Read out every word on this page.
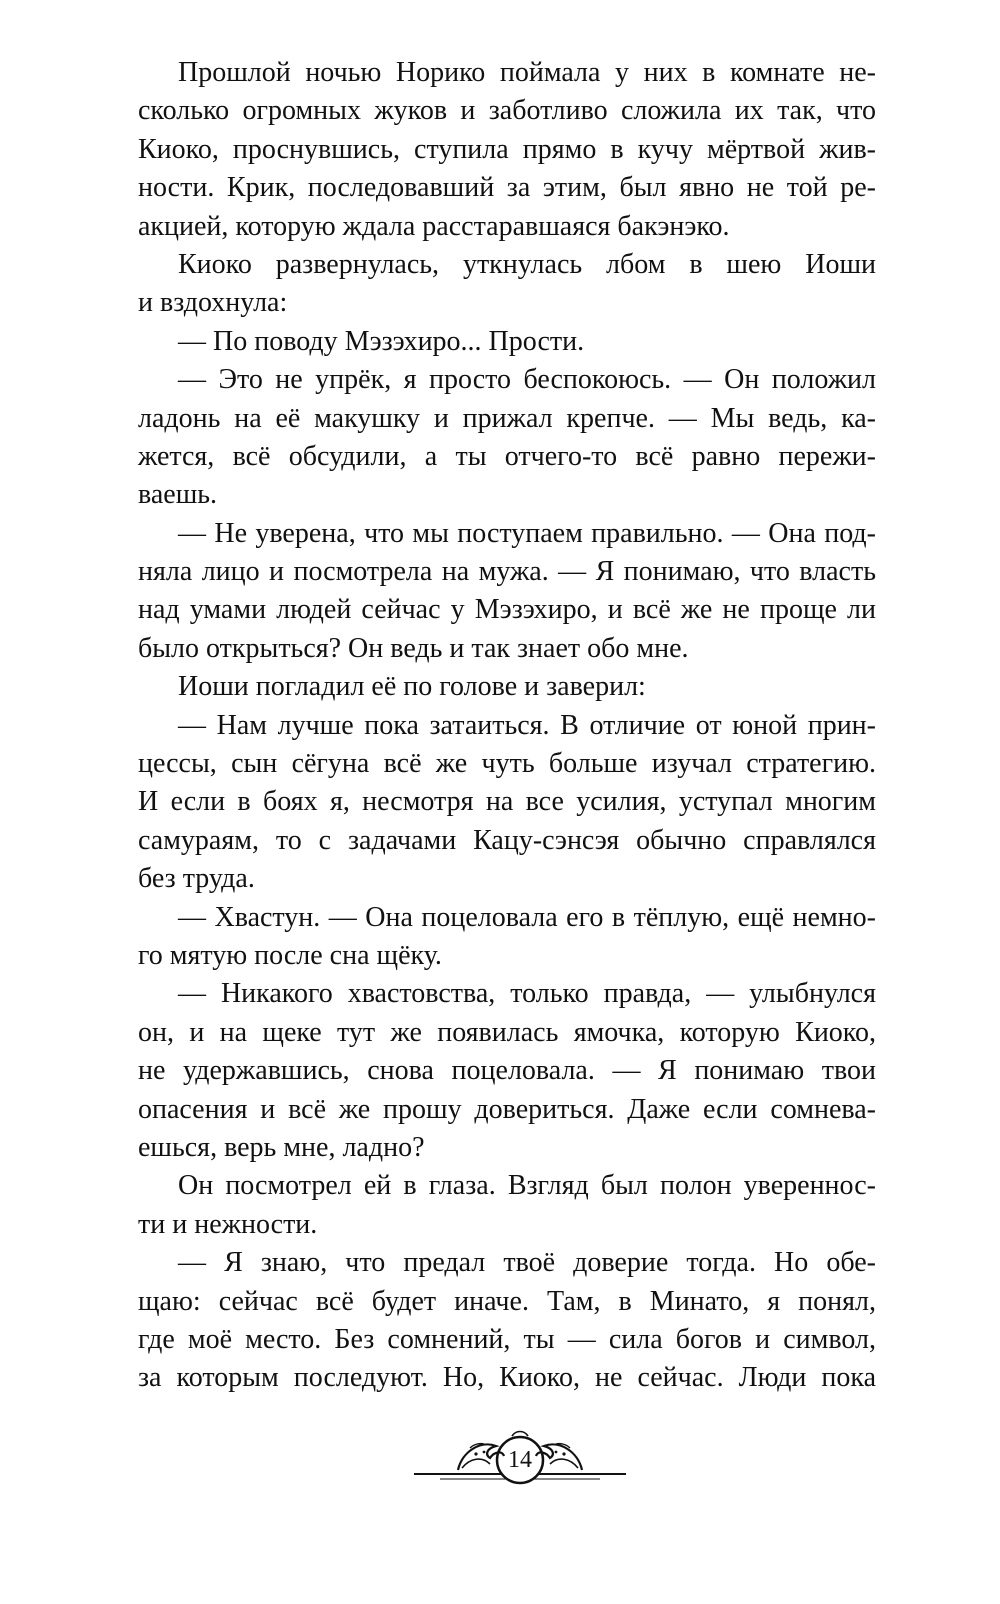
Прошлой ночью Норико поймала у них в комнате не-
сколько огромных жуков и заботливо сложила их так, что
Киоко, проснувшись, ступила прямо в кучу мёртвой жив-
ности. Крик, последовавший за этим, был явно не той ре-
акцией, которую ждала расстаравшаяся бакэнэко.
Киоко развернулась, уткнулась лбом в шею Иоши
и вздохнула:
— По поводу Мэзэхиро... Прости.
— Это не упрёк, я просто беспокоюсь. — Он положил
ладонь на её макушку и прижал крепче. — Мы ведь, ка-
жется, всё обсудили, а ты отчего-то всё равно пережи-
ваешь.
— Не уверена, что мы поступаем правильно. — Она под-
няла лицо и посмотрела на мужа. — Я понимаю, что власть
над умами людей сейчас у Мэзэхиро, и всё же не проще ли
было открыться? Он ведь и так знает обо мне.
Иоши погладил её по голове и заверил:
— Нам лучше пока затаиться. В отличие от юной прин-
цессы, сын сёгуна всё же чуть больше изучал стратегию.
И если в боях я, несмотря на все усилия, уступал многим
самураям, то с задачами Кацу-сэнсэя обычно справлялся
без труда.
— Хвастун. — Она поцеловала его в тёплую, ещё немно-
го мятую после сна щёку.
— Никакого хвастовства, только правда, — улыбнулся
он, и на щеке тут же появилась ямочка, которую Киоко,
не удержавшись, снова поцеловала. — Я понимаю твои
опасения и всё же прошу довериться. Даже если сомнева-
ешься, верь мне, ладно?
Он посмотрел ей в глаза. Взгляд был полон увереннос-
ти и нежности.
— Я знаю, что предал твоё доверие тогда. Но обе-
щаю: сейчас всё будет иначе. Там, в Минато, я понял,
где моё место. Без сомнений, ты — сила богов и символ,
за которым последуют. Но, Киоко, не сейчас. Люди пока
14
